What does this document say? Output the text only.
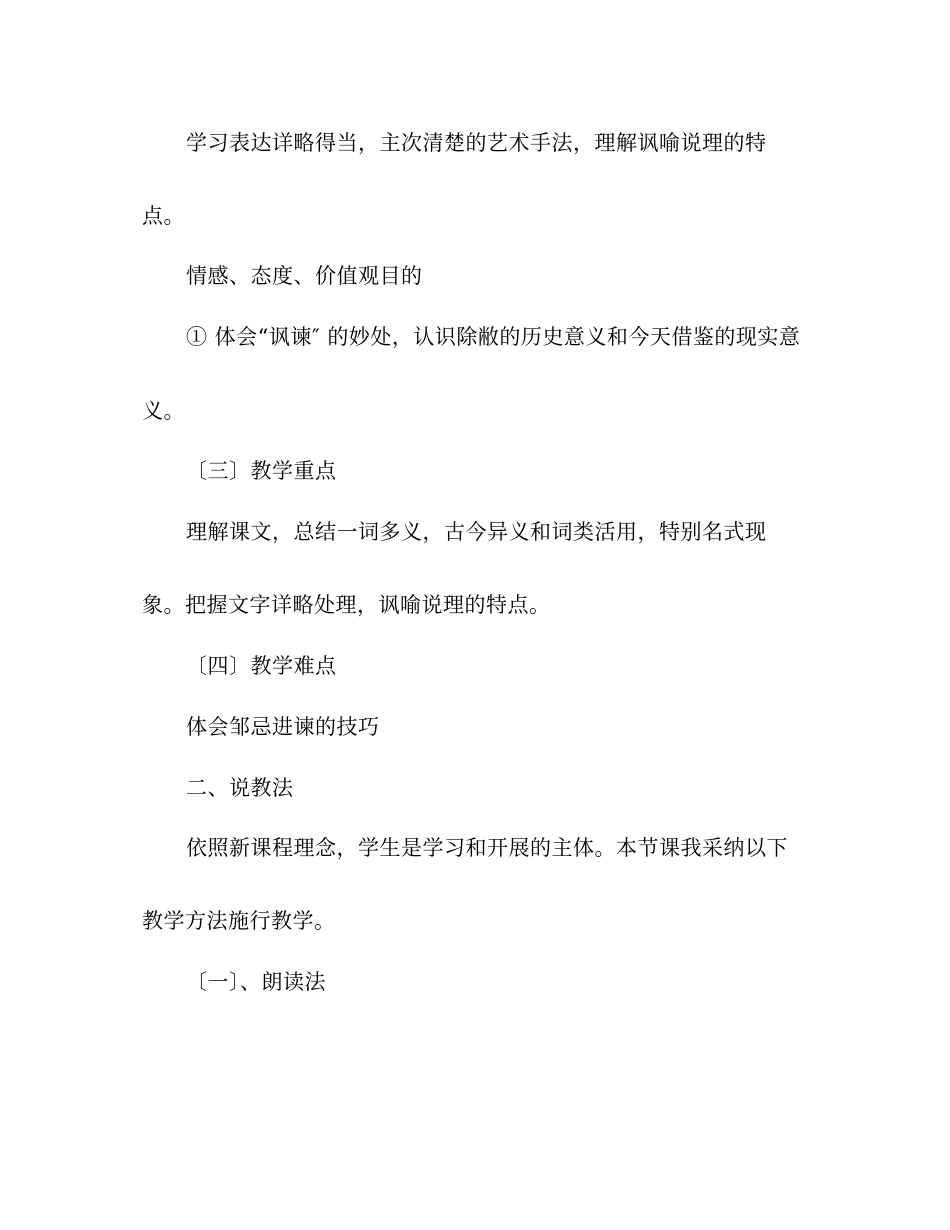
学习表达详略得当，主次清楚的艺术手法，理解讽喻说理的特
点。
情感、态度、价值观目的
① 体会“讽谏″ 的妙处，认识除敝的历史意义和今天借鉴的现实意
义。
〔三〕教学重点
理解课文，总结一词多义，古今异义和词类活用，特别名式现
象。把握文字详略处理，讽喻说理的特点。
〔四〕教学难点
体会邹忌进谏的技巧
二、说教法
依照新课程理念，学生是学习和开展的主体。本节课我采纳以下
教学方法施行教学。
〔一〕、朗读法
